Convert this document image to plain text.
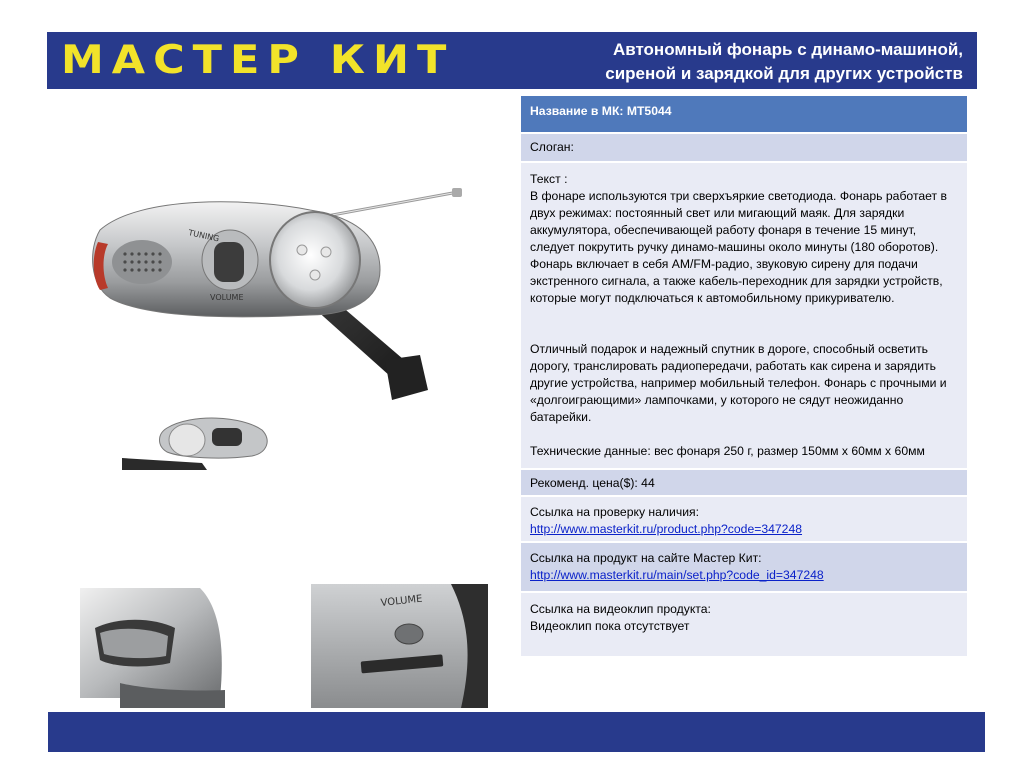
МАСТЕР КИТ	Автономный фонарь с динамо-машиной,
сиреной и зарядкой для других устройств
TUNING
VOLUME
VOLUME

Название в МК: MT5044

Слоган:

Текст :

В фонаре используются три сверхъяркие светодиода. Фонарь работает в двух режимах: постоянный свет или мигающий маяк. Для зарядки аккумулятора, обеспечивающей работу фонаря в течение 15 минут, следует покрутить ручку динамо-машины около минуты (180 оборотов). Фонарь включает в себя AM/FM-радио, звуковую сирену для подачи экстренного сигнала, а также кабель-переходник для зарядки устройств, которые могут подключаться к автомобильному прикуривателю.

Отличный подарок и надежный спутник в дороге, способный осветить дорогу, транслировать радиопередачи, работать как сирена и зарядить другие устройства, например мобильный телефон. Фонарь с прочными и «долгоиграющими» лампочками, у которого не сядут неожиданно батарейки.

Технические данные: вес фонаря 250 г, размер 150мм х 60мм х 60мм

Рекоменд. цена($): 44

Ссылка на проверку наличия:

http://www.masterkit.ru/product.php?code=347248

Ссылка на продукт на сайте Мастер Кит:

http://www.masterkit.ru/main/set.php?code_id=347248

Ссылка на видеоклип продукта:

Видеоклип пока отсутствует
